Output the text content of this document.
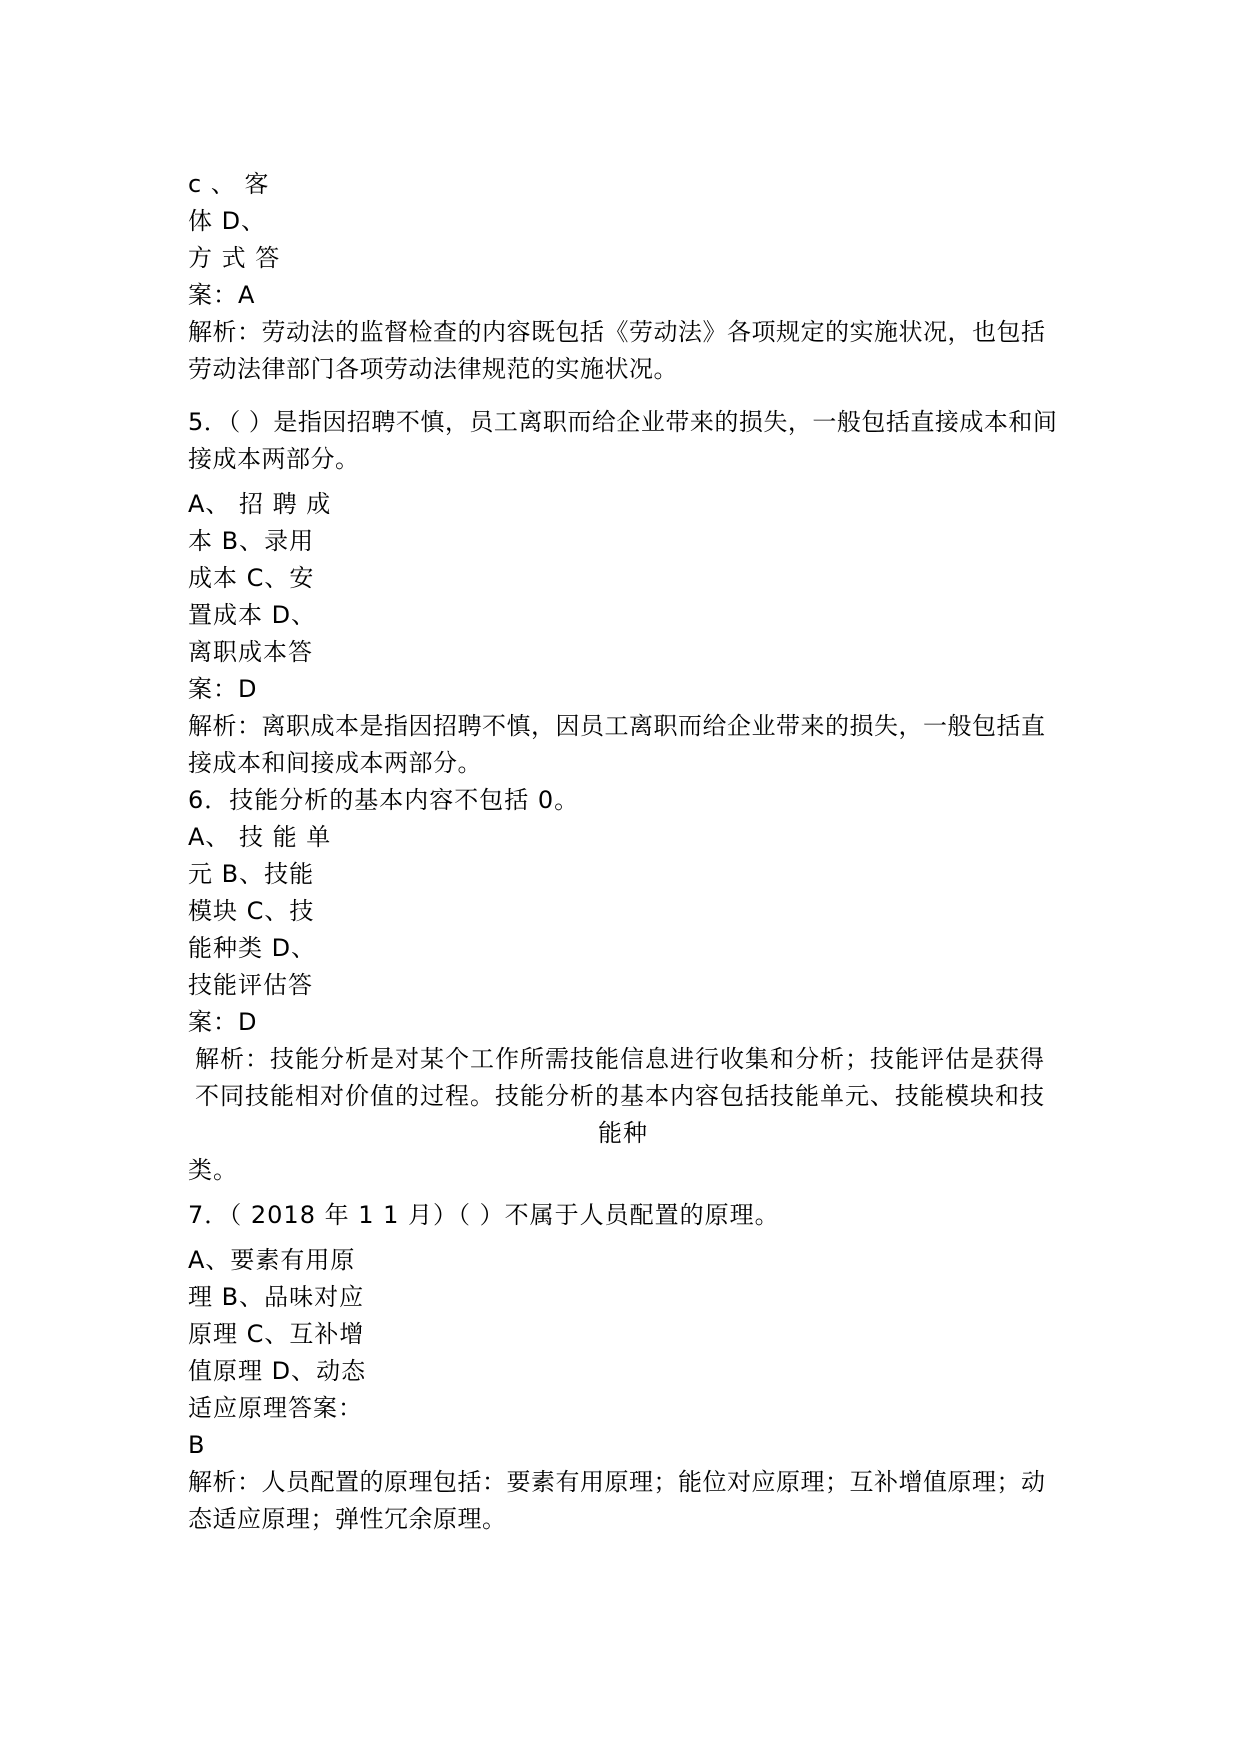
c 、 客
体 D、
方 式 答
案：A
解析：劳动法的监督检查的内容既包括《劳动法》各项规定的实施状况，也包括劳动法律部门各项劳动法律规范的实施状况。
5．（ ）是指因招聘不慎，员工离职而给企业带来的损失，一般包括直接成本和间接成本两部分。
A、 招 聘 成
本 B、录用
成本 C、安
置成本 D、
离职成本答
案：D
解析：离职成本是指因招聘不慎，因员工离职而给企业带来的损失，一般包括直接成本和间接成本两部分。
6．技能分析的基本内容不包括 0。
A、 技 能 单
元 B、技能
模块 C、技
能种类 D、
技能评估答
案：D
解析：技能分析是对某个工作所需技能信息进行收集和分析；技能评估是获得
不同技能相对价值的过程。技能分析的基本内容包括技能单元、技能模块和技
能种
类。
7．（ 2018 年 1 1 月）（ ）不属于人员配置的原理。
A、要素有用原
理 B、品味对应
原理 C、互补增
值原理 D、动态
适应原理答案：
B
解析：人员配置的原理包括：要素有用原理；能位对应原理；互补增值原理；动态适应原理；弹性冗余原理。
